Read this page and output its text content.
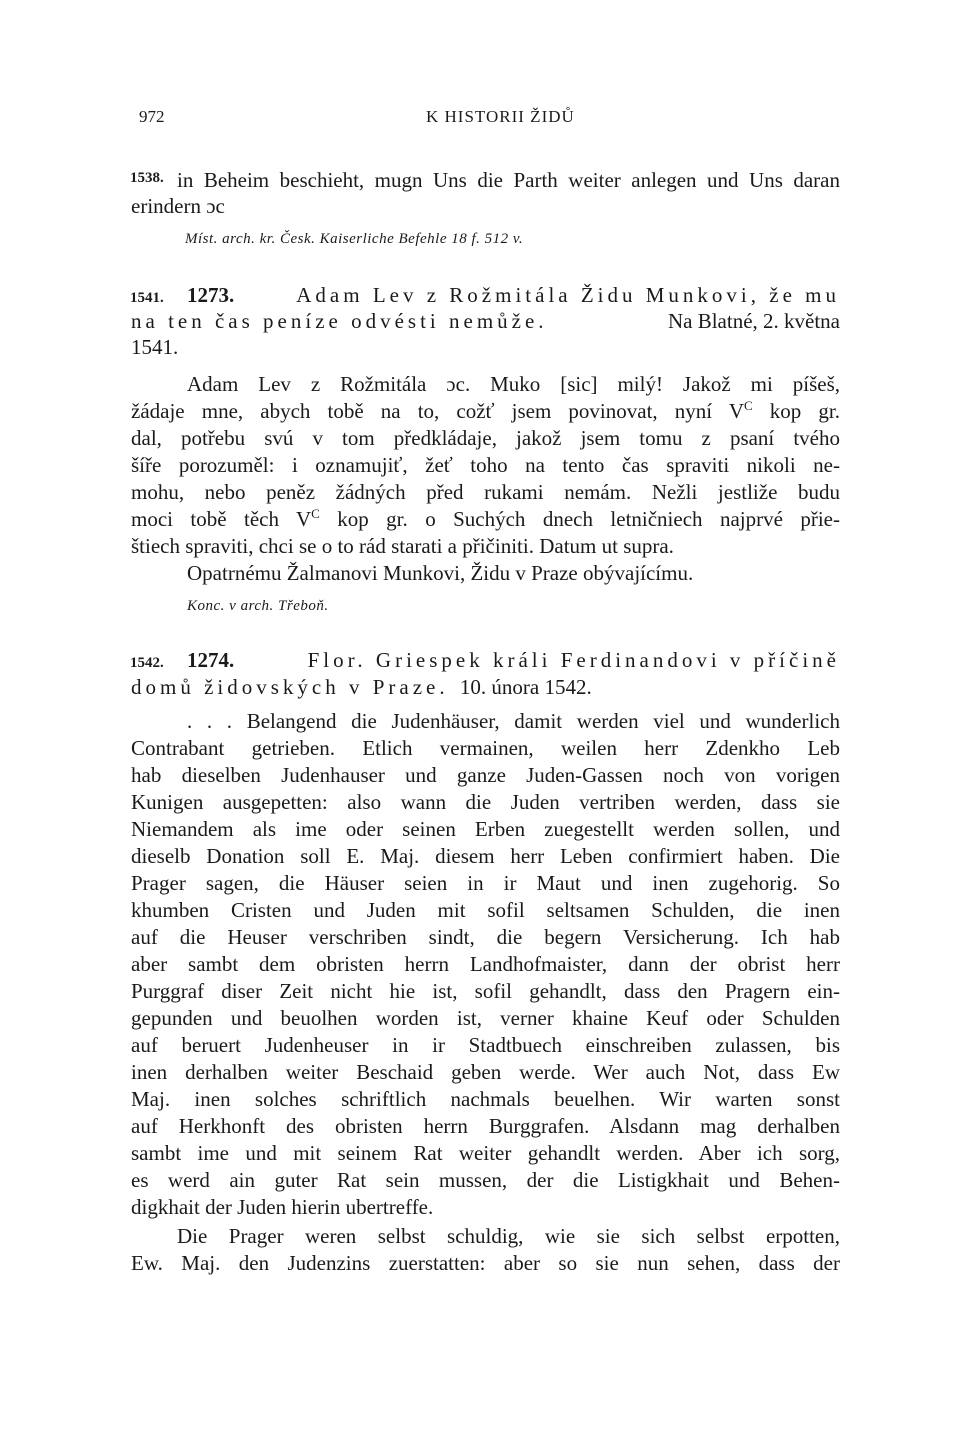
972	K HISTORII ŽIDŮ
1538. in Beheim beschieht, mugn Uns die Parth weiter anlegen und Uns daran
erindern ɔc
Míst. arch. kr. Česk. Kaiserliche Befehle 18 f. 512 v.
1541. 1273.	Adam Lev z Rožmitála Židu Munkovi, že mu
na ten čas peníze odvésti nemůže.	Na Blatné, 2. května
1541.
Adam Lev z Rožmitála ɔc. Muko [sic] milý! Jakož mi píšeš,
žádaje mne, abych tobě na to, cožť jsem povinovat, nyní $V^C$ kop gr.
dal, potřebu svú v tom předkládaje, jakož jsem tomu z psaní tvého
šíře porozuměl: i oznamujiť, žeť toho na tento čas spraviti nikoli ne-
mohu, nebo peněz žádných před rukami nemám. Nežli jestliže budu
moci tobě těch $V^C$ kop gr. o Suchých dnech letničniech najprvé přie-
štiech spraviti, chci se o to rád starati a přičiniti. Datum ut supra.
Opatrnému Žalmanovi Munkovi, Židu v Praze obývajícímu.
Konc. v arch. Třeboň.
1542. 1274.	Flor. Griespek králi Ferdinandovi v příčině
domů židovských v Praze. 10. února 1542.
. . . Belangend die Judenhäuser, damit werden viel und wunderlich
Contrabant getrieben. Etlich vermainen, weilen herr Zdenkho Leb
hab dieselben Judenhauser und ganze Juden-Gassen noch von vorigen
Kunigen ausgepetten: also wann die Juden vertriben werden, dass sie
Niemandem als ime oder seinen Erben zuegestellt werden sollen, und
dieselb Donation soll E. Maj. diesem herr Leben confirmiert haben. Die
Prager sagen, die Häuser seien in ir Maut und inen zugehorig. So
khumben Cristen und Juden mit sofil seltsamen Schulden, die inen
auf die Heuser verschriben sindt, die begern Versicherung. Ich hab
aber sambt dem obristen herrn Landhofmaister, dann der obrist herr
Purggraf diser Zeit nicht hie ist, sofil gehandlt, dass den Pragern ein-
gepunden und beuolhen worden ist, verner khaine Keuf oder Schulden
auf beruert Judenheuser in ir Stadtbuech einschreiben zulassen, bis
inen derhalben weiter Beschaid geben werde. Wer auch Not, dass Ew
Maj. inen solches schriftlich nachmals beuelhen. Wir warten sonst
auf Herkhonft des obristen herrn Burggrafen. Alsdann mag derhalben
sambt ime und mit seinem Rat weiter gehandlt werden. Aber ich sorg,
es werd ain guter Rat sein mussen, der die Listigkhait und Behen-
digkhait der Juden hierin ubertreffe.
Die Prager weren selbst schuldig, wie sie sich selbst erpotten,
Ew. Maj. den Judenzins zuerstatten: aber so sie nun sehen, dass der
